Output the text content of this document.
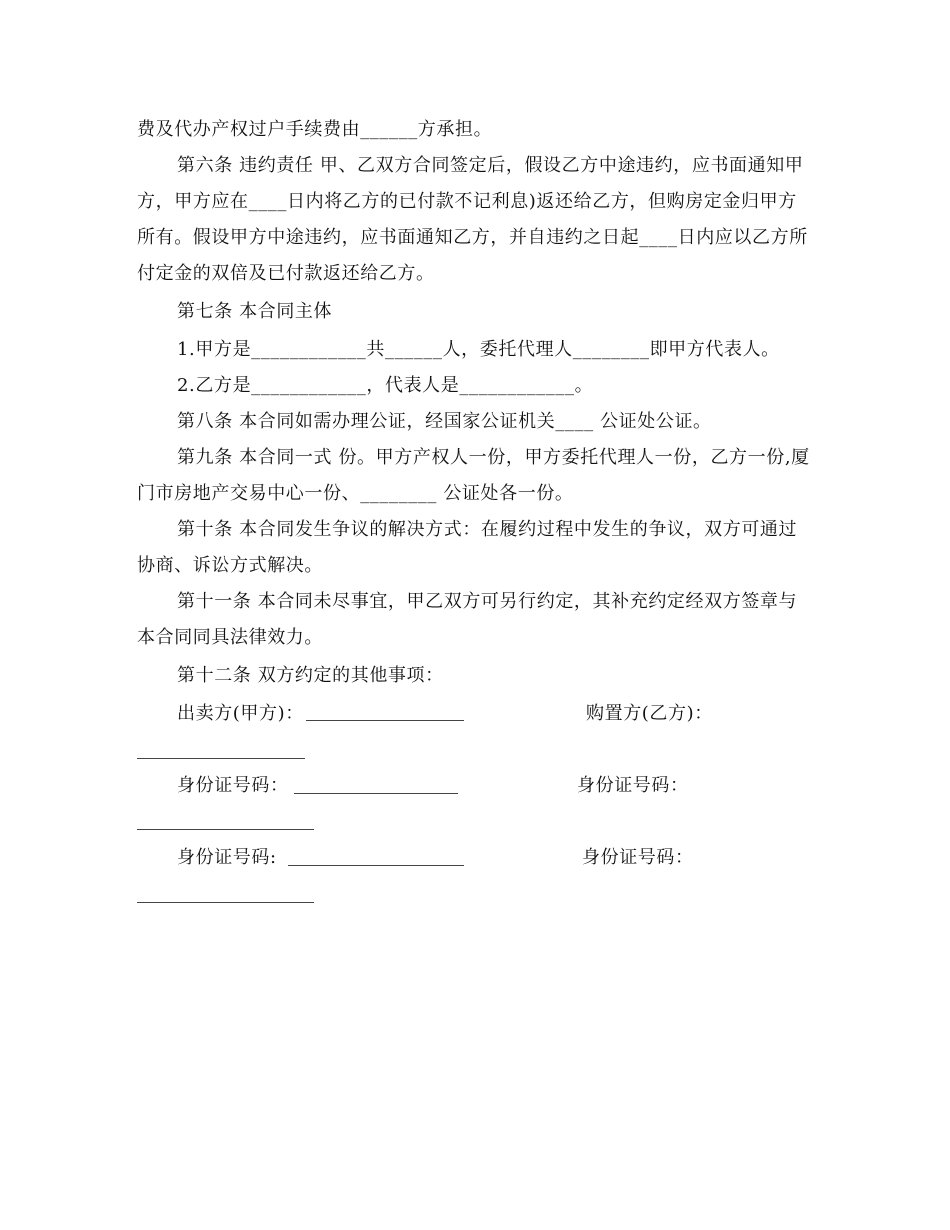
费及代办产权过户手续费由______方承担。
第六条 违约责任 甲、乙双方合同签定后，假设乙方中途违约，应书面通知甲
方，甲方应在____日内将乙方的已付款不记利息)返还给乙方，但购房定金归甲方
所有。假设甲方中途违约，应书面通知乙方，并自违约之日起____日内应以乙方所
付定金的双倍及已付款返还给乙方。
第七条 本合同主体
1.甲方是____________共______人，委托代理人________即甲方代表人。
2.乙方是____________，代表人是____________。
第八条 本合同如需办理公证，经国家公证机关____ 公证处公证。
第九条 本合同一式 份。甲方产权人一份，甲方委托代理人一份，乙方一份,厦
门市房地产交易中心一份、________ 公证处各一份。
第十条 本合同发生争议的解决方式：在履约过程中发生的争议，双方可通过
协商、诉讼方式解决。
第十一条 本合同未尽事宜，甲乙双方可另行约定，其补充约定经双方签章与
本合同同具法律效力。
第十二条 双方约定的其他事项：
出卖方(甲方)：	购置方(乙方)：
身份证号码：	身份证号码：
身份证号码:	身份证号码：
